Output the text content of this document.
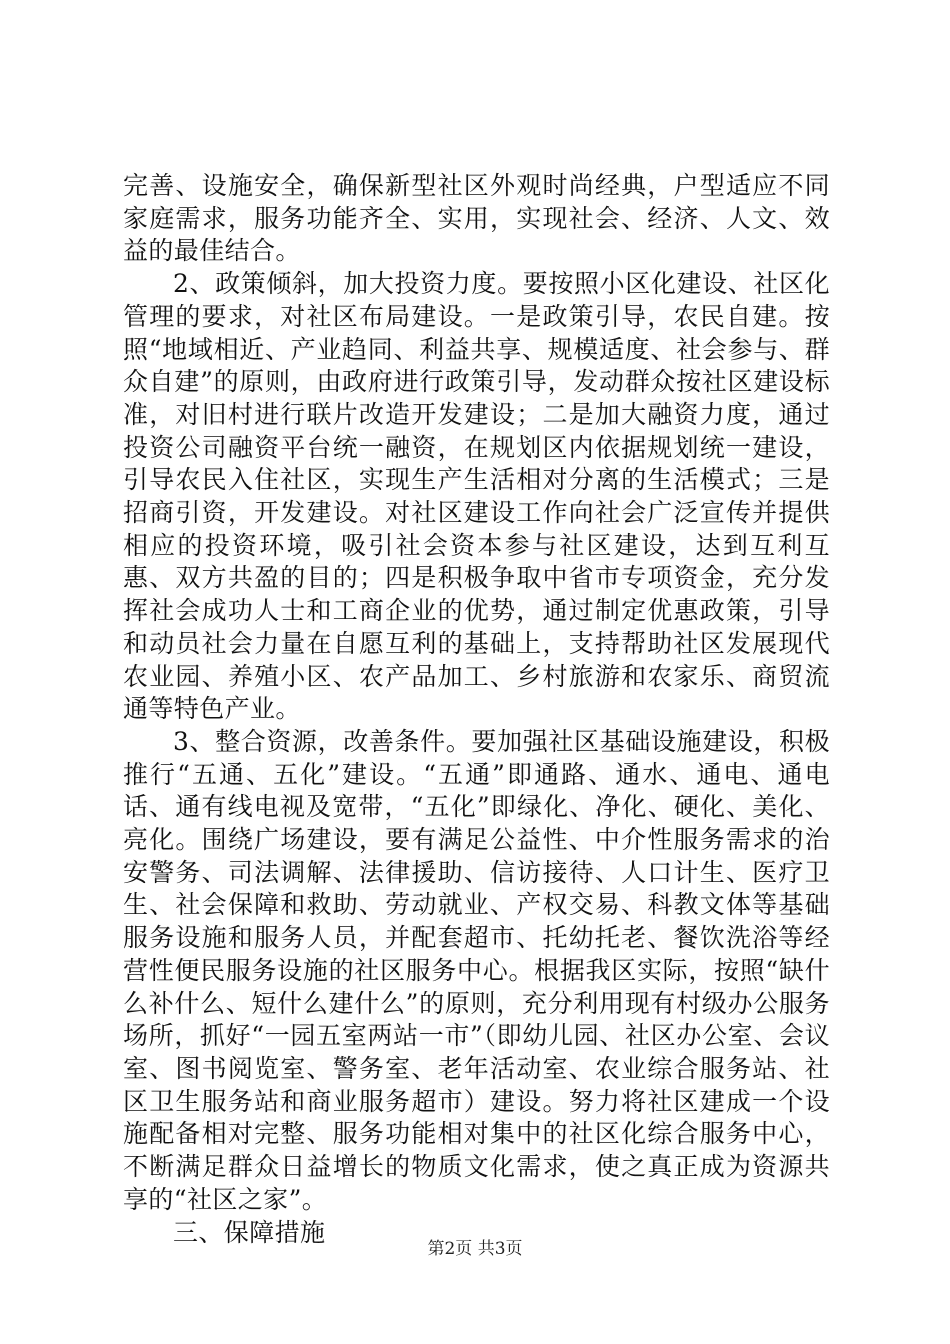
完善、设施安全，确保新型社区外观时尚经典，户型适应不同家庭需求，服务功能齐全、实用，实现社会、经济、人文、效益的最佳结合。

2、政策倾斜，加大投资力度。要按照小区化建设、社区化管理的要求，对社区布局建设。一是政策引导，农民自建。按照“地域相近、产业趋同、利益共享、规模适度、社会参与、群众自建”的原则，由政府进行政策引导，发动群众按社区建设标准，对旧村进行联片改造开发建设；二是加大融资力度，通过投资公司融资平台统一融资，在规划区内依据规划统一建设，引导农民入住社区，实现生产生活相对分离的生活模式；三是招商引资，开发建设。对社区建设工作向社会广泛宣传并提供相应的投资环境，吸引社会资本参与社区建设，达到互利互惠、双方共盈的目的；四是积极争取中省市专项资金，充分发挥社会成功人士和工商企业的优势，通过制定优惠政策，引导和动员社会力量在自愿互利的基础上，支持帮助社区发展现代农业园、养殖小区、农产品加工、乡村旅游和农家乐、商贸流通等特色产业。

3、整合资源，改善条件。要加强社区基础设施建设，积极推行“五通、五化”建设。“五通”即通路、通水、通电、通电话、通有线电视及宽带，“五化”即绿化、净化、硬化、美化、亮化。围绕广场建设，要有满足公益性、中介性服务需求的治安警务、司法调解、法律援助、信访接待、人口计生、医疗卫生、社会保障和救助、劳动就业、产权交易、科教文体等基础服务设施和服务人员，并配套超市、托幼托老、餐饮洗浴等经营性便民服务设施的社区服务中心。根据我区实际，按照“缺什么补什么、短什么建什么”的原则，充分利用现有村级办公服务场所，抓好“一园五室两站一市”（即幼儿园、社区办公室、会议室、图书阅览室、警务室、老年活动室、农业综合服务站、社区卫生服务站和商业服务超市）建设。努力将社区建成一个设施配备相对完整、服务功能相对集中的社区化综合服务中心，不断满足群众日益增长的物质文化需求，使之真正成为资源共享的“社区之家”。

三、保障措施

第2页 共3页
